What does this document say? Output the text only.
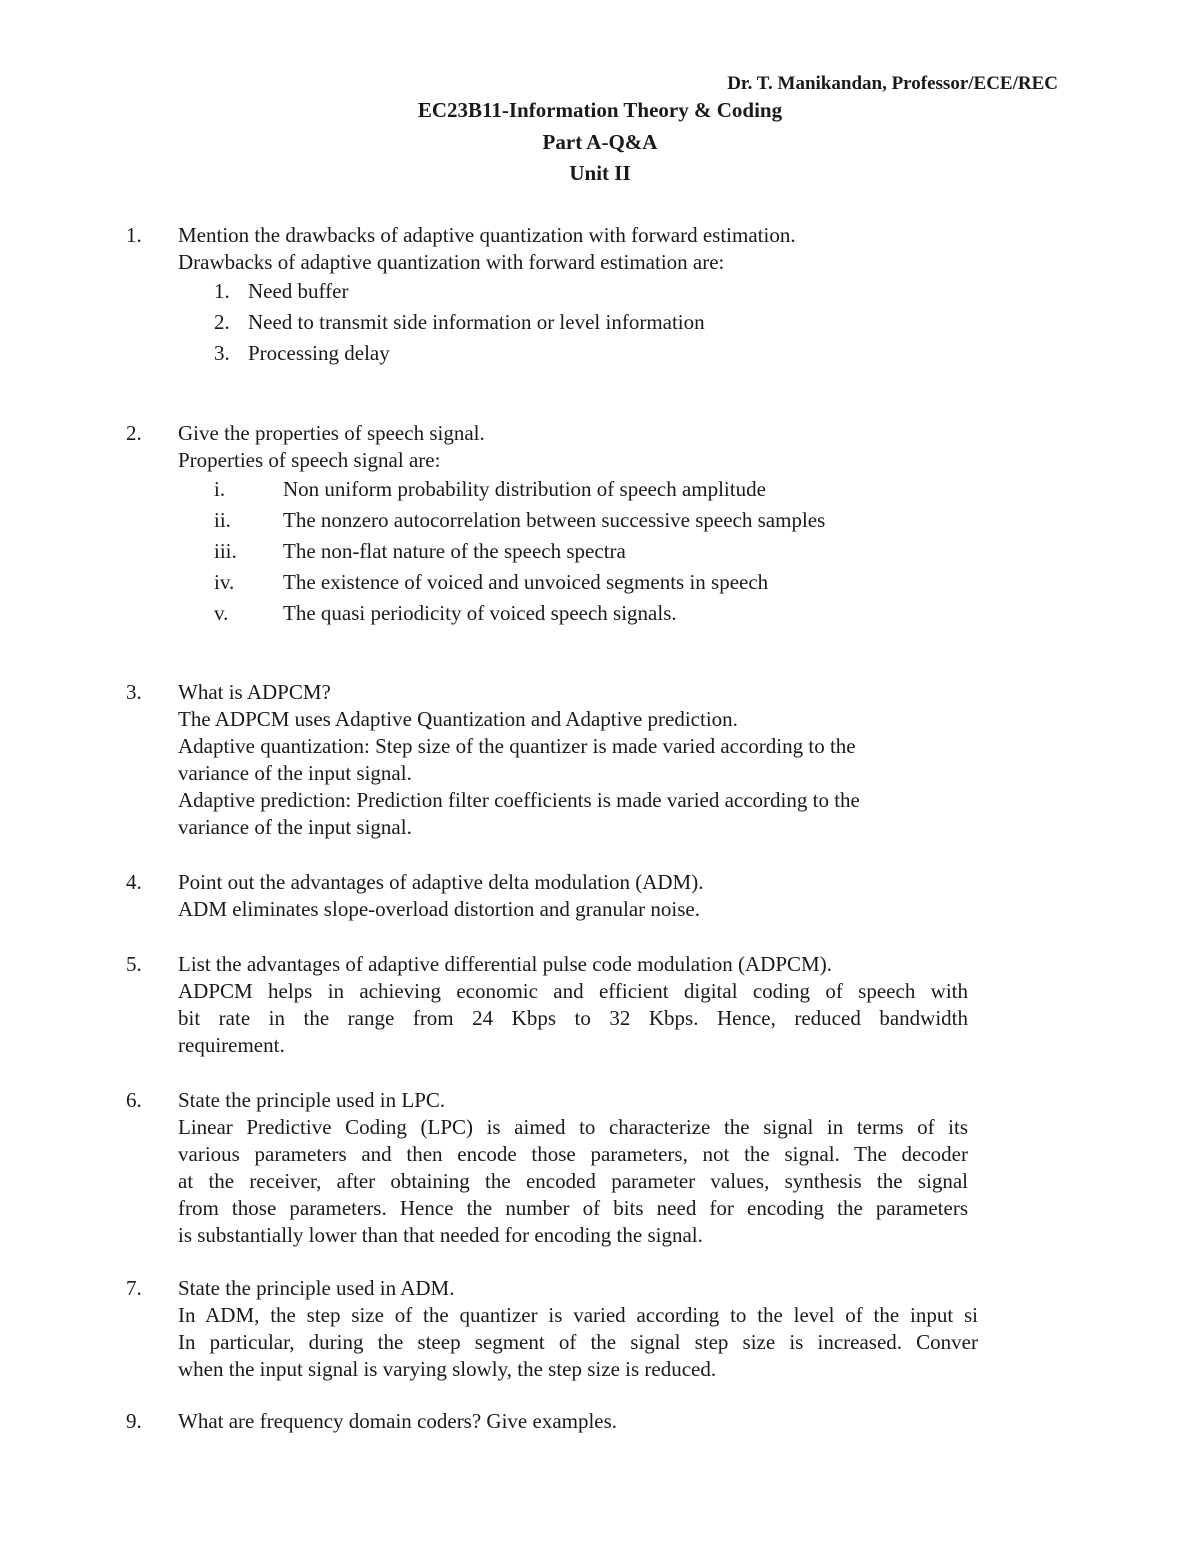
Dr. T. Manikandan, Professor/ECE/REC
EC23B11-Information Theory & Coding
Part A-Q&A
Unit II
1. Mention the drawbacks of adaptive quantization with forward estimation.
Drawbacks of adaptive quantization with forward estimation are:
1. Need buffer
2. Need to transmit side information or level information
3. Processing delay
2. Give the properties of speech signal.
Properties of speech signal are:
i.	Non uniform probability distribution of speech amplitude
ii. The nonzero autocorrelation between successive speech samples
iii. The non-flat nature of the speech spectra
iv. The existence of voiced and unvoiced segments in speech
v.	The quasi periodicity of voiced speech signals.
3. What is ADPCM?
The ADPCM uses Adaptive Quantization and Adaptive prediction.
Adaptive quantization: Step size of the quantizer is made varied according to the
variance of the input signal.
Adaptive prediction: Prediction filter coefficients is made varied according to the
variance of the input signal.
4. Point out the advantages of adaptive delta modulation (ADM).
ADM eliminates slope-overload distortion and granular noise.
5. List the advantages of adaptive differential pulse code modulation (ADPCM).
ADPCM helps in achieving economic and efficient digital coding of speech with
bit rate in the range from 24 Kbps to 32 Kbps. Hence, reduced bandwidth
requirement.
6. State the principle used in LPC.
Linear Predictive Coding (LPC) is aimed to characterize the signal in terms of its
various parameters and then encode those parameters, not the signal. The decoder
at the receiver, after obtaining the encoded parameter values, synthesis the signal
from those parameters. Hence the number of bits need for encoding the parameters
is substantially lower than that needed for encoding the signal.
7. State the principle used in ADM.
In ADM, the step size of the quantizer is varied according to the level of the input si
In particular, during the steep segment of the signal step size is increased. Conver
when the input signal is varying slowly, the step size is reduced.
9. What are frequency domain coders? Give examples.
